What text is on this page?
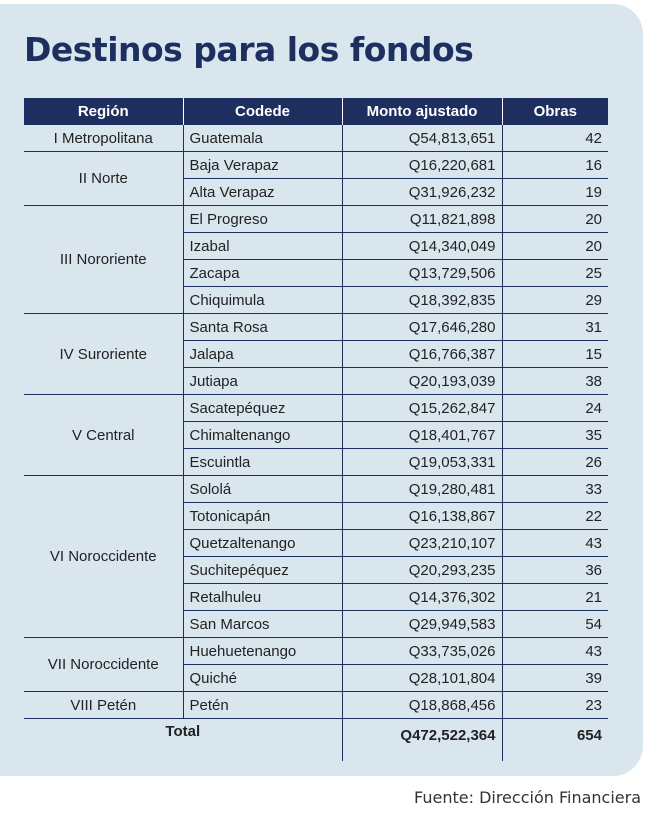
Destinos para los fondos
Región	Codede	Monto ajustado	Obras
I Metropolitana	Guatemala	Q54,813,651	42
II Norte	Baja Verapaz	Q16,220,681	16
	Alta Verapaz	Q31,926,232	19
III Nororiente	El Progreso	Q11,821,898	20
	Izabal	Q14,340,049	20
	Zacapa	Q13,729,506	25
	Chiquimula	Q18,392,835	29
IV Suroriente	Santa Rosa	Q17,646,280	31
	Jalapa	Q16,766,387	15
	Jutiapa	Q20,193,039	38
V Central	Sacatepéquez	Q15,262,847	24
	Chimaltenango	Q18,401,767	35
	Escuintla	Q19,053,331	26
VI Noroccidente	Sololá	Q19,280,481	33
	Totonicapán	Q16,138,867	22
	Quetzaltenango	Q23,210,107	43
	Suchitepéquez	Q20,293,235	36
	Retalhuleu	Q14,376,302	21
	San Marcos	Q29,949,583	54
VII Noroccidente	Huehuetenango	Q33,735,026	43
	Quiché	Q28,101,804	39
VIII Petén	Petén	Q18,868,456	23
Total		Q472,522,364	654
Fuente: Dirección Financiera
